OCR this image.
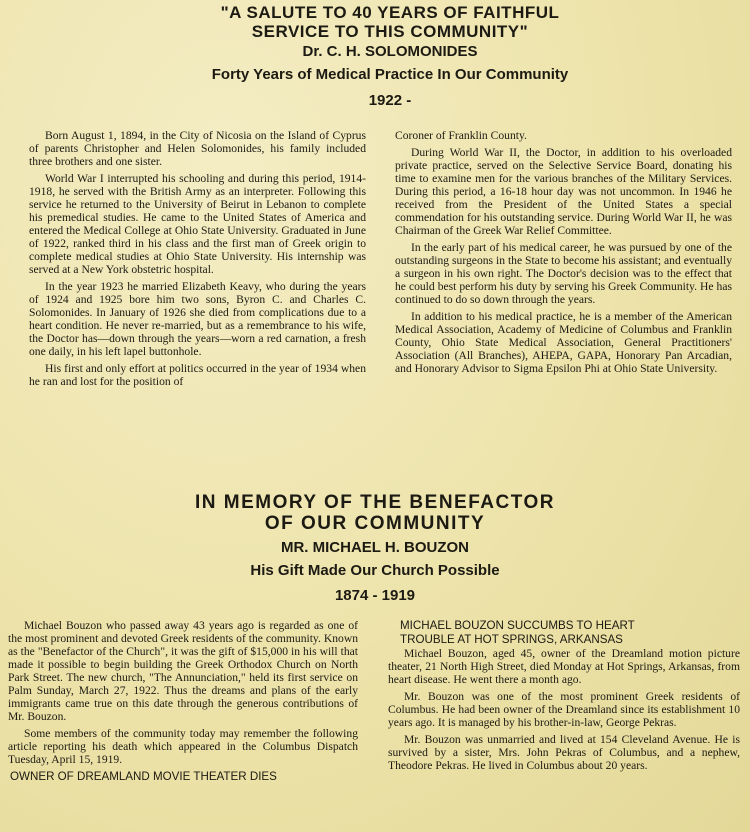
"A SALUTE TO 40 YEARS OF FAITHFUL
SERVICE TO THIS COMMUNITY"
Dr. C. H. SOLOMONIDES
Forty Years of Medical Practice In Our Community
1922 -

Born August 1, 1894, in the City of Nicosia on the Island of Cyprus of parents Christopher and Helen Solomonides, his family included three brothers and one sister.

World War I interrupted his schooling and during this period, 1914-1918, he served with the British Army as an interpreter. Following this service he returned to the University of Beirut in Lebanon to complete his premedical studies. He came to the United States of America and entered the Medical College at Ohio State University. Graduated in June of 1922, ranked third in his class and the first man of Greek origin to complete medical studies at Ohio State University. His internship was served at a New York obstetric hospital.

In the year 1923 he married Elizabeth Keavy, who during the years of 1924 and 1925 bore him two sons, Byron C. and Charles C. Solomonides. In January of 1926 she died from complications due to a heart condition. He never re-married, but as a remembrance to his wife, the Doctor has—down through the years—worn a red carnation, a fresh one daily, in his left lapel buttonhole.

His first and only effort at politics occurred in the year of 1934 when he ran and lost for the position of

Coroner of Franklin County.

During World War II, the Doctor, in addition to his overloaded private practice, served on the Selective Service Board, donating his time to examine men for the various branches of the Military Services. During this period, a 16-18 hour day was not uncommon. In 1946 he received from the President of the United States a special commendation for his outstanding service. During World War II, he was Chairman of the Greek War Relief Committee.

In the early part of his medical career, he was pursued by one of the outstanding surgeons in the State to become his assistant; and eventually a surgeon in his own right. The Doctor's decision was to the effect that he could best perform his duty by serving his Greek Community. He has continued to do so down through the years.

In addition to his medical practice, he is a member of the American Medical Association, Academy of Medicine of Columbus and Franklin County, Ohio State Medical Association, General Practitioners' Association (All Branches), AHEPA, GAPA, Honorary Pan Arcadian, and Honorary Advisor to Sigma Epsilon Phi at Ohio State University.

IN MEMORY OF THE BENEFACTOR
OF OUR COMMUNITY
MR. MICHAEL H. BOUZON
His Gift Made Our Church Possible
1874 - 1919

Michael Bouzon who passed away 43 years ago is regarded as one of the most prominent and devoted Greek residents of the community. Known as the "Benefactor of the Church", it was the gift of $15,000 in his will that made it possible to begin building the Greek Orthodox Church on North Park Street. The new church, "The Annunciation," held its first service on Palm Sunday, March 27, 1922. Thus the dreams and plans of the early immigrants came true on this date through the generous contributions of Mr. Bouzon.

Some members of the community today may remember the following article reporting his death which appeared in the Columbus Dispatch Tuesday, April 15, 1919.

OWNER OF DREAMLAND MOVIE THEATER DIES
MICHAEL BOUZON SUCCUMBS TO HEART
TROUBLE AT HOT SPRINGS, ARKANSAS

Michael Bouzon, aged 45, owner of the Dreamland motion picture theater, 21 North High Street, died Monday at Hot Springs, Arkansas, from heart disease. He went there a month ago.

Mr. Bouzon was one of the most prominent Greek residents of Columbus. He had been owner of the Dreamland since its establishment 10 years ago. It is managed by his brother-in-law, George Pekras.

Mr. Bouzon was unmarried and lived at 154 Cleveland Avenue. He is survived by a sister, Mrs. John Pekras of Columbus, and a nephew, Theodore Pekras. He lived in Columbus about 20 years.
